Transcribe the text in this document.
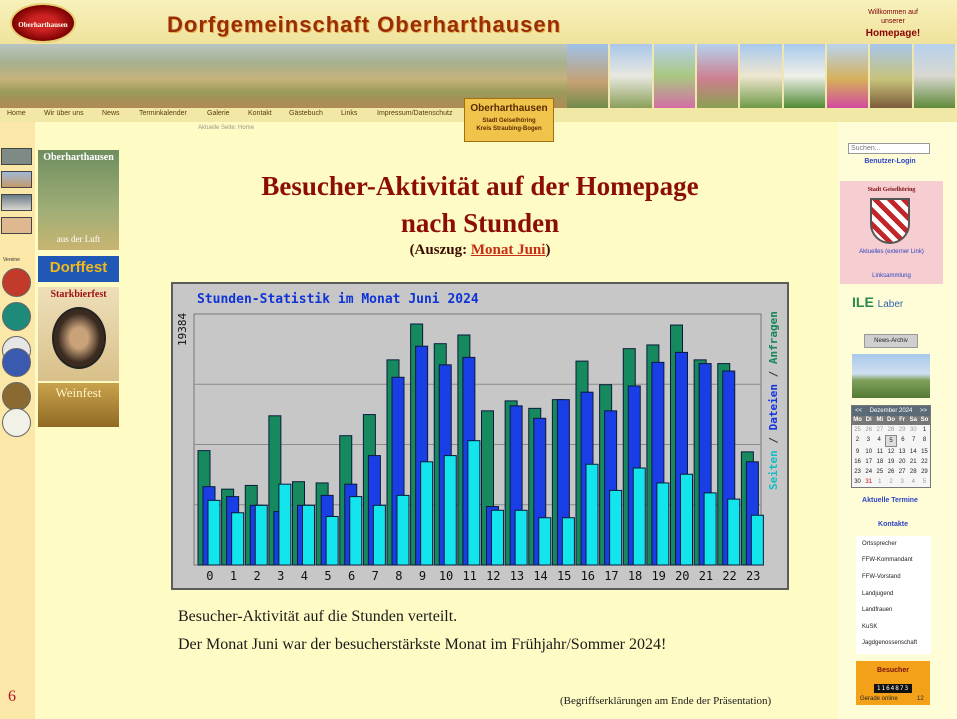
Oberharthausen	Dorfgemeinschaft Oberharthausen	Willkommen auf unserer
Homepage!
Home	Wir über uns	News	Terminkalender	Galerie	Kontakt Gästebuch	Links	Impressum/Datenschutz	Oberharthausen
Stadt Geiselhöring
Kreis Straubing-Bogen
Aktuelle Seite: Home
Vereine
6
Oberharthausen
aus der Luft
Dorffest
Starkbierfest
Weinfest
Besucher-Aktivität auf der Homepage
nach Stunden
(Auszug: Monat Juni)
0 1 2 3 4 5 6 7 8 9 10 11 12 13 14 15 16 17 18 19 20 21 22 23
Stunden-Statistik im Monat Juni 2024
19384
Seiten / Dateien / Anfragen
Besucher-Aktivität auf die Stunden verteilt.
Der Monat Juni war der besucherstärkste Monat im Frühjahr/Sommer 2024!
(Begriffserklärungen am Ende der Präsentation)
Suchen...
Benutzer-Login
Stadt Geiselhöring
Aktuelles (externer Link)
Linksammlung
ILE Laber
News-Archiv
<< Dezember 2024 >>
Mo Di Mi Do Fr Sa So
25 26 27 28 29 30	1
2	3	4	5	6	7	8
9	10 11 12 13 14 15
16 17 18 19 20 21 22
23 24 25 26 27 28 29
30 31	1	2	3	4	5
Aktuelle Termine
Kontakte
Ortssprecher
FFW-Kommandant
FFW-Vorstand
Landjugend
Landfrauen
KuSK
Jagdgenossenschaft
Besucher
1164873
Gerade online	12
